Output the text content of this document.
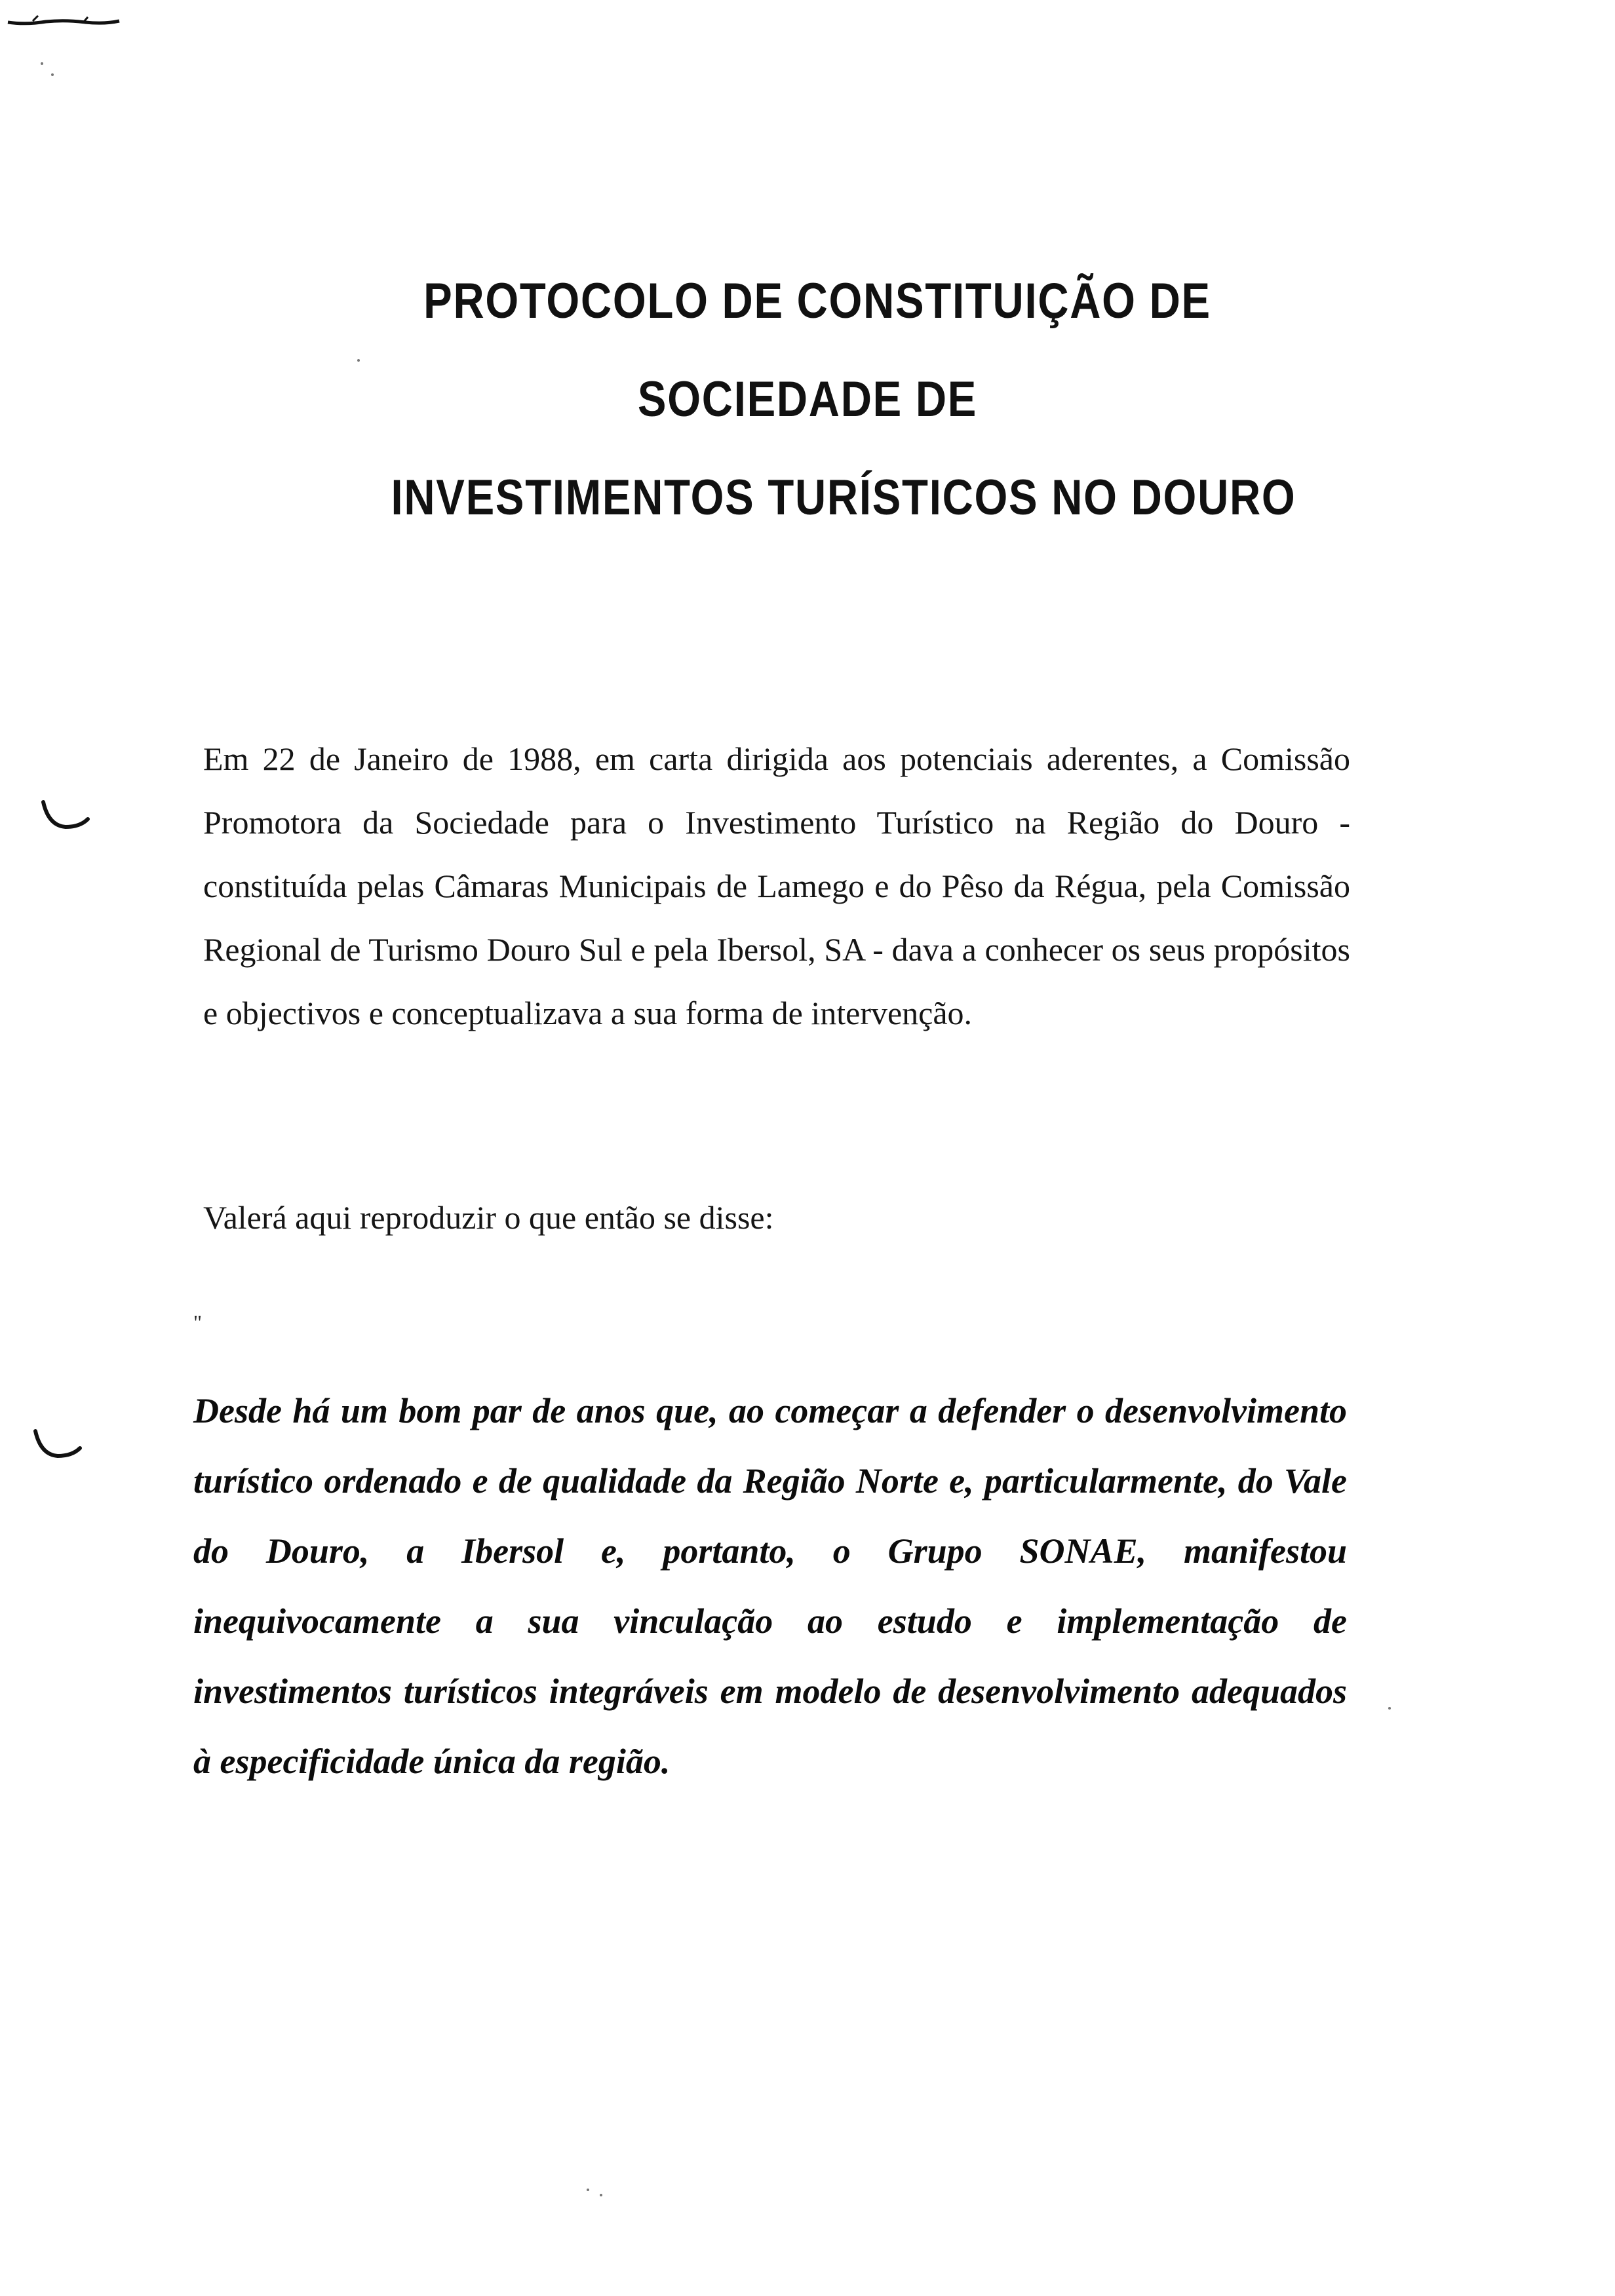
PROTOCOLO DE CONSTITUIÇÃO DE
SOCIEDADE DE
INVESTIMENTOS TURÍSTICOS NO DOURO
Em 22 de Janeiro de 1988, em carta dirigida aos potenciais aderentes, a Comissão Promotora da Sociedade para o Investimento Turístico na Região do Douro - constituída pelas Câmaras Municipais de Lamego e do Pêso da Régua, pela Comissão Regional de Turismo Douro Sul e pela Ibersol, SA - dava a conhecer os seus propósitos e objectivos e conceptualizava a sua forma de intervenção.
Valerá aqui reproduzir o que então se disse:
"
Desde há um bom par de anos que, ao começar a defender o desenvolvimento turístico ordenado e de qualidade da Região Norte e, particularmente, do Vale do Douro, a Ibersol e, portanto, o Grupo SONAE, manifestou inequivocamente a sua vinculação ao estudo e implementação de investimentos turísticos integráveis em modelo de desenvolvimento adequados à especificidade única da região.
